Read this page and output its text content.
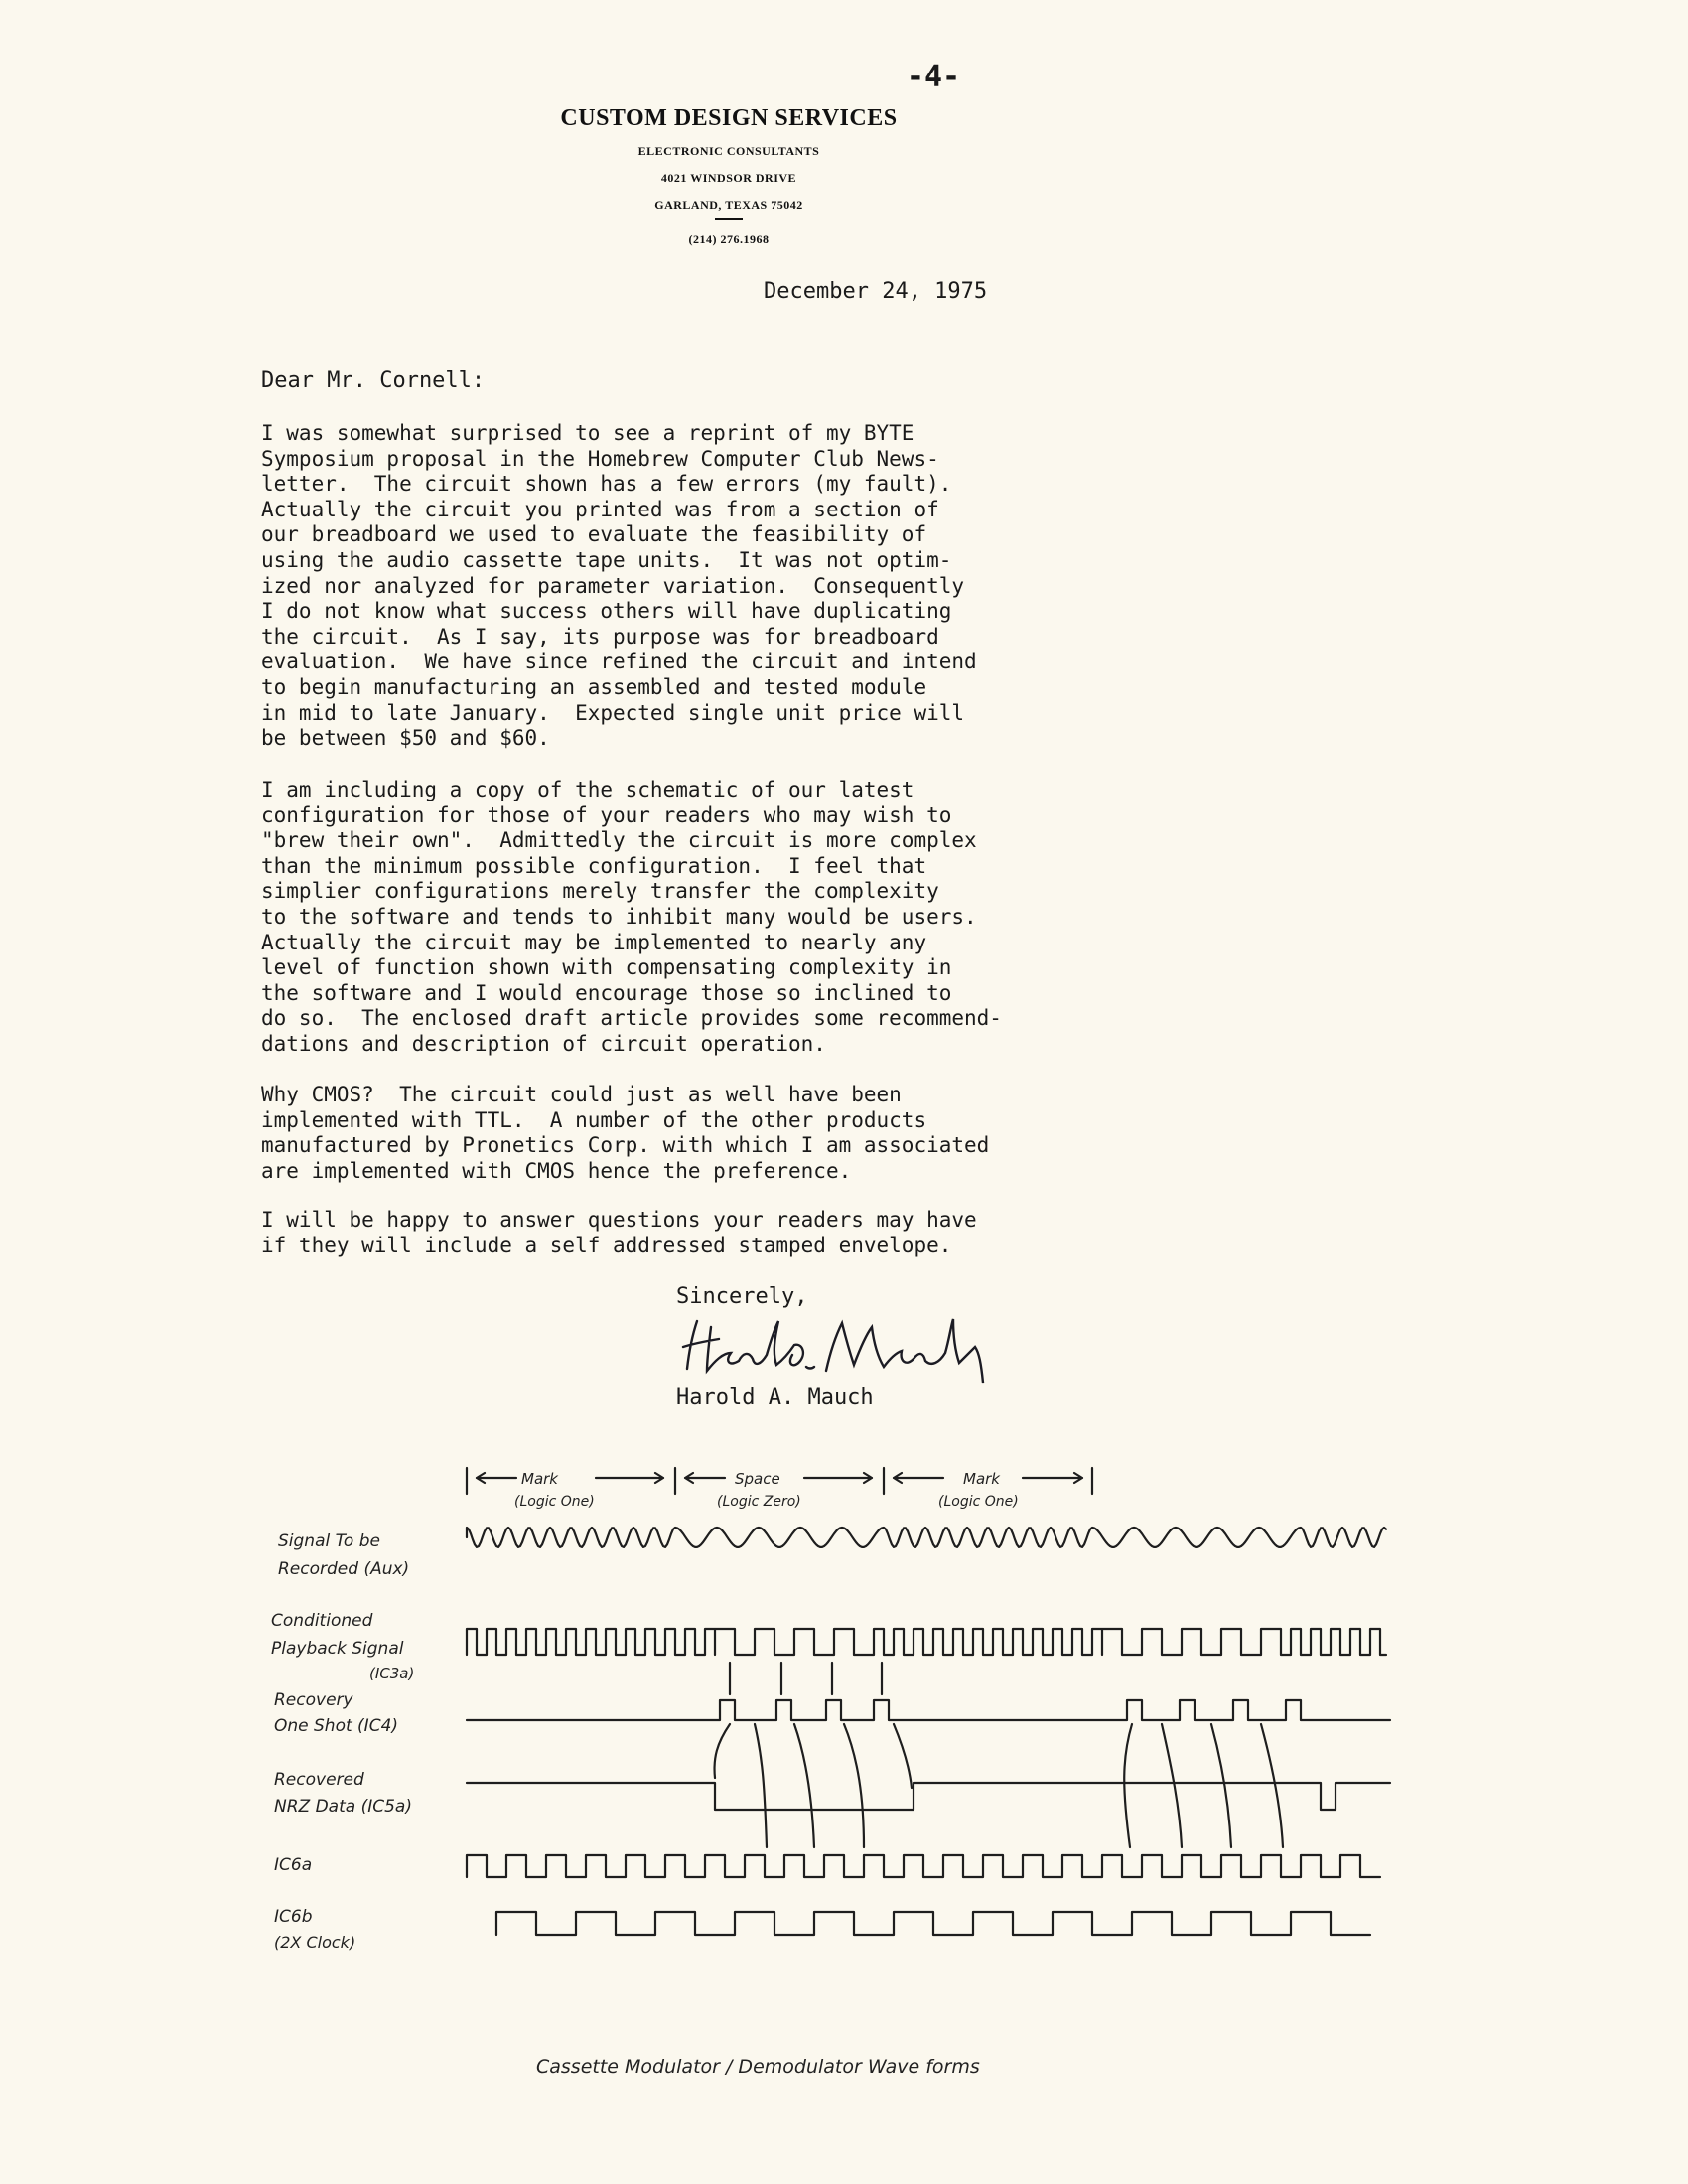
-4-
CUSTOM DESIGN SERVICES
ELECTRONIC CONSULTANTS
4021 WINDSOR DRIVE
GARLAND, TEXAS 75042
(214) 276.1968
December 24, 1975
Dear Mr. Cornell:

I was somewhat surprised to see a reprint of my BYTE
Symposium proposal in the Homebrew Computer Club News-
letter.  The circuit shown has a few errors (my fault).
Actually the circuit you printed was from a section of
our breadboard we used to evaluate the feasibility of
using the audio cassette tape units.  It was not optim-
ized nor analyzed for parameter variation.  Consequently
I do not know what success others will have duplicating
the circuit.  As I say, its purpose was for breadboard
evaluation.  We have since refined the circuit and intend
to begin manufacturing an assembled and tested module
in mid to late January.  Expected single unit price will
be between $50 and $60.

I am including a copy of the schematic of our latest
configuration for those of your readers who may wish to
"brew their own".  Admittedly the circuit is more complex
than the minimum possible configuration.  I feel that
simplier configurations merely transfer the complexity
to the software and tends to inhibit many would be users.
Actually the circuit may be implemented to nearly any
level of function shown with compensating complexity in
the software and I would encourage those so inclined to
do so.  The enclosed draft article provides some recommend-
dations and description of circuit operation.

Why CMOS?  The circuit could just as well have been
implemented with TTL.  A number of the other products
manufactured by Pronetics Corp. with which I am associated
are implemented with CMOS hence the preference.

I will be happy to answer questions your readers may have
if they will include a self addressed stamped envelope.

Sincerely,
Harold A. Mauch
Mark
(Logic One)
Space
(Logic Zero)
Mark
(Logic One)
Signal To be
Recorded (Aux)
Conditioned
Playback Signal
(IC3a)
Recovery
One Shot (IC4)
Recovered
NRZ Data (IC5a)
IC6a
IC6b
(2X Clock)
Cassette Modulator / Demodulator Wave forms
